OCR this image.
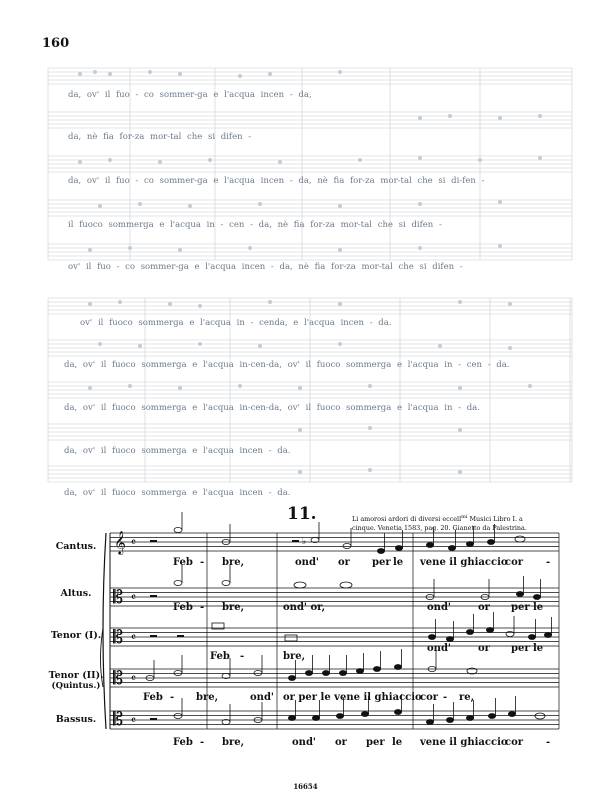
160
da, ov' il fuo - co sommer-ga e l'acqua incen - da,
da, nè fia for-za mor-tal che si difen -
da, ov' il fuo - co sommer-ga e l'acqua incen - da, nè fia for-za mor-tal che si di-fen -
il fuoco sommerga e l'acqua in - cen - da, nè fia for-za mor-tal che si difen -
ov' il fuo - co sommer-ga e l'acqua incen - da, nè fia for-za mor-tal che si difen -
ov' il fuoco sommerga e l'acqua in - cenda, e l'acqua incen - da.
da, ov' il fuoco sommerga e l'acqua in-cen-da, ov' il fuoco sommerga e l'acqua in - cen - da.
da, ov' il fuoco sommerga e l'acqua in-cen-da, ov' il fuoco sommerga e l'acqua in - da.
da, ov' il fuoco sommerga e l'acqua incen - da.
da, ov' il fuoco sommerga e l'acqua incen - da.
11.	Li amorosi ardori di diversi eccell$^{mi}$ Musici Libro I. a
cinque. Venetia 1583, pag. 20. Gianetto da Palestrina.
𝄞
𝄡
𝄡
𝄡
𝄡
𝄴
𝄴
𝄴
𝄴
𝄴
♭
Cantus.
Altus.
Tenor (I).
Tenor (II).
(Quintus.)
Bassus.
Feb - bre,	ond' or per le vene il ghiaccio
cor -
Feb - bre,	ond' or,	ond'	or per le
Feb -	bre,
ond'	or per le
Feb - bre,	ond' or per le vene il ghiaccio
cor - re,
Feb - bre,	ond' or per le vene il ghiaccio
cor -
16654
